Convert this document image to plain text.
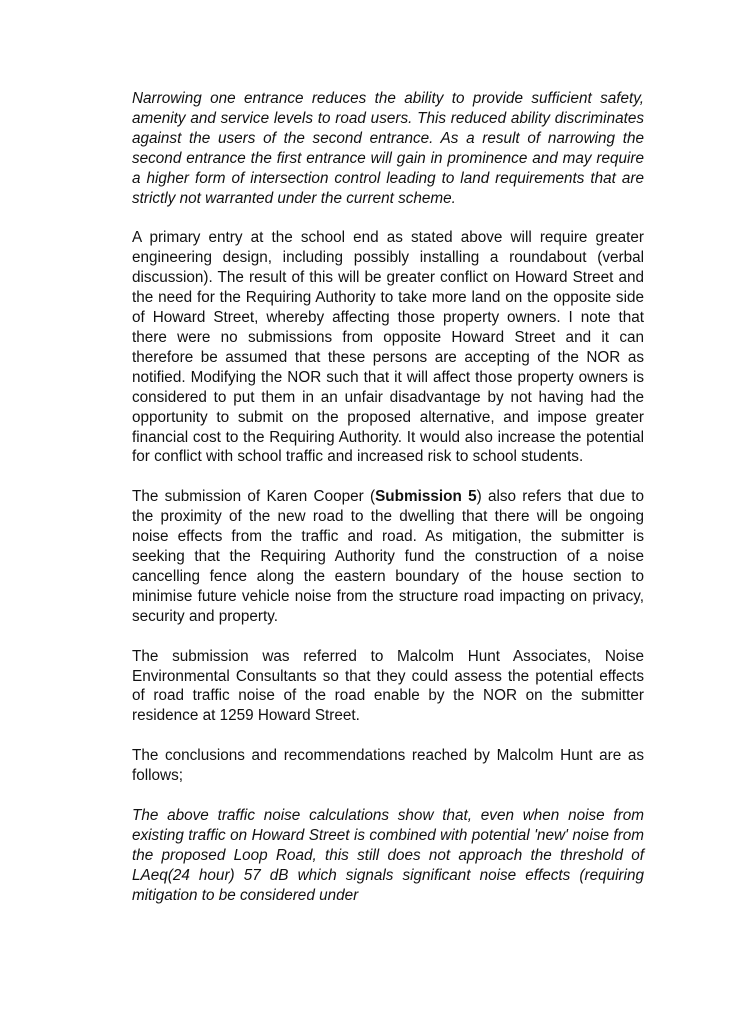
Narrowing one entrance reduces the ability to provide sufficient safety, amenity and service levels to road users. This reduced ability discriminates against the users of the second entrance. As a result of narrowing the second entrance the first entrance will gain in prominence and may require a higher form of intersection control leading to land requirements that are strictly not warranted under the current scheme.

A primary entry at the school end as stated above will require greater engineering design, including possibly installing a roundabout (verbal discussion). The result of this will be greater conflict on Howard Street and the need for the Requiring Authority to take more land on the opposite side of Howard Street, whereby affecting those property owners. I note that there were no submissions from opposite Howard Street and it can therefore be assumed that these persons are accepting of the NOR as notified. Modifying the NOR such that it will affect those property owners is considered to put them in an unfair disadvantage by not having had the opportunity to submit on the proposed alternative, and impose greater financial cost to the Requiring Authority. It would also increase the potential for conflict with school traffic and increased risk to school students.

The submission of Karen Cooper (Submission 5) also refers that due to the proximity of the new road to the dwelling that there will be ongoing noise effects from the traffic and road. As mitigation, the submitter is seeking that the Requiring Authority fund the construction of a noise cancelling fence along the eastern boundary of the house section to minimise future vehicle noise from the structure road impacting on privacy, security and property.

The submission was referred to Malcolm Hunt Associates, Noise Environmental Consultants so that they could assess the potential effects of road traffic noise of the road enable by the NOR on the submitter residence at 1259 Howard Street.

The conclusions and recommendations reached by Malcolm Hunt are as follows;

The above traffic noise calculations show that, even when noise from existing traffic on Howard Street is combined with potential 'new' noise from the proposed Loop Road, this still does not approach the threshold of LAeq(24 hour) 57 dB which signals significant noise effects (requiring mitigation to be considered under
